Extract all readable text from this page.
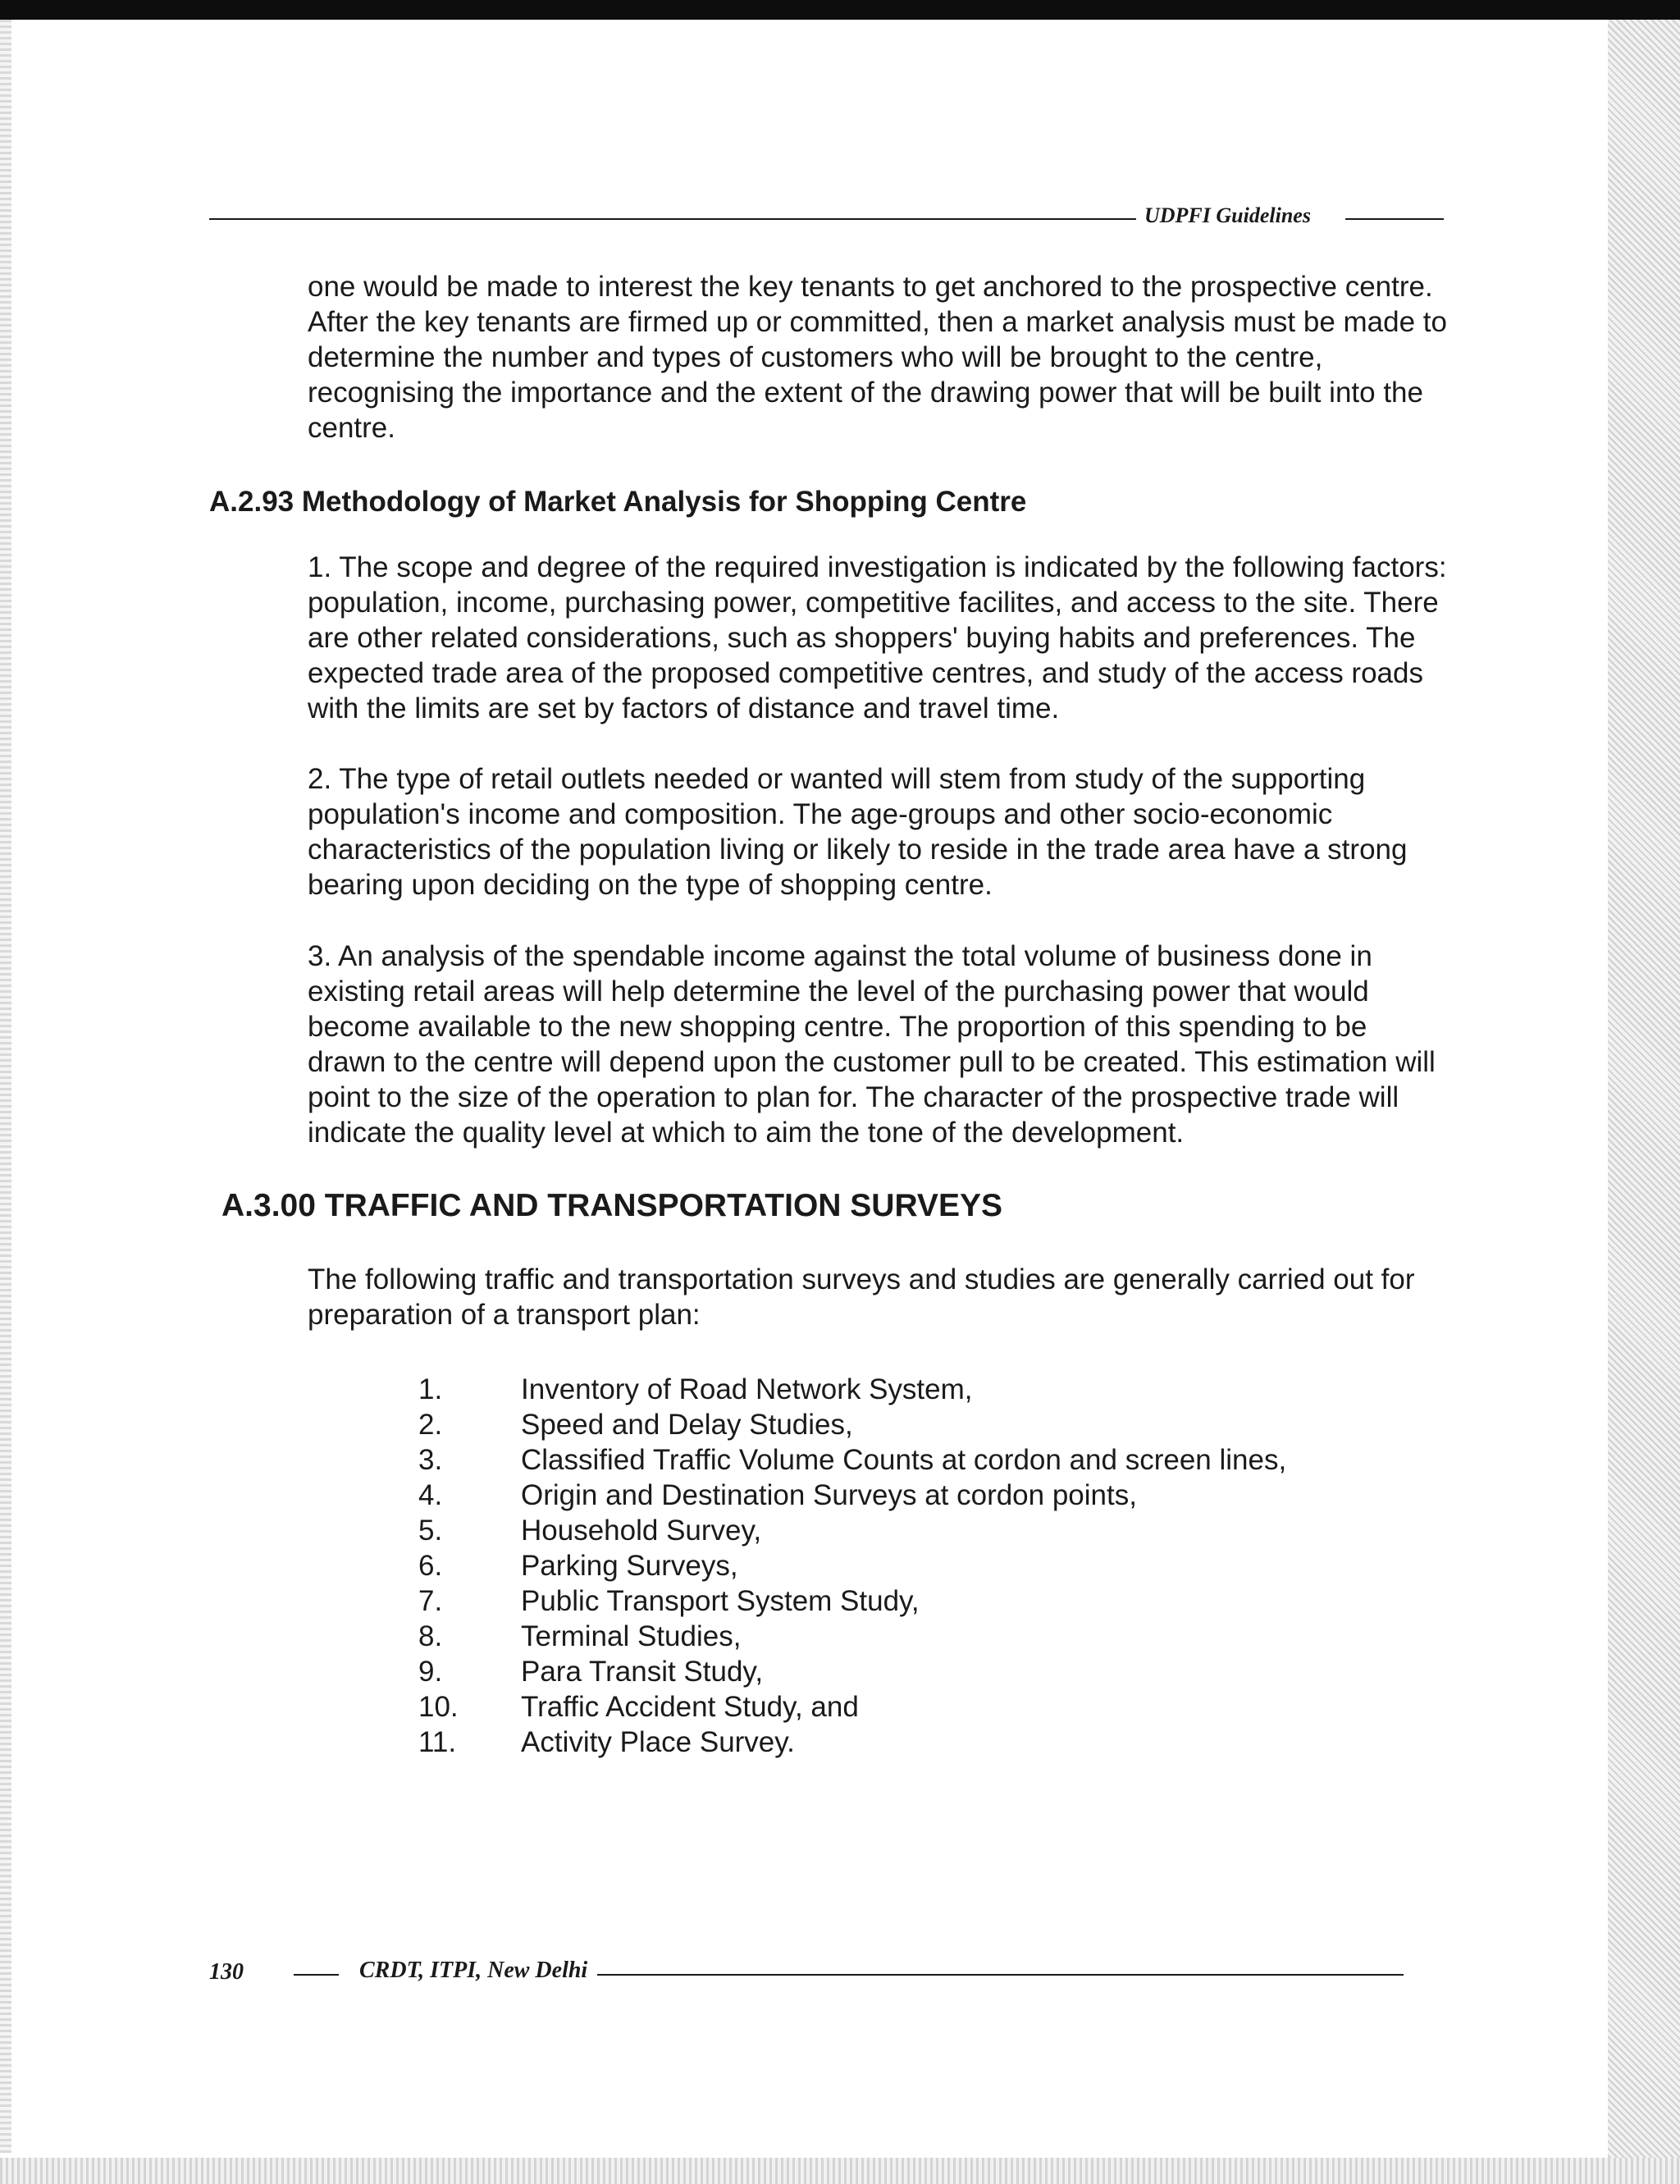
UDPFI Guidelines

one would be made to interest the key tenants to get anchored to the prospective centre. After the key tenants are firmed up or committed, then a market analysis must be made to determine the number and types of customers who will be brought to the centre, recognising the importance and the extent of the drawing power that will be built into the centre.

A.2.93 Methodology of Market Analysis for Shopping Centre

1. The scope and degree of the required investigation is indicated by the following factors: population, income, purchasing power, competitive facilites, and access to the site. There are other related considerations, such as shoppers' buying habits and preferences. The expected trade area of the proposed competitive centres, and study of the access roads with the limits are set by factors of distance and travel time.

2. The type of retail outlets needed or wanted will stem from study of the supporting population's income and composition. The age-groups and other socio-economic characteristics of the population living or likely to reside in the trade area have a strong bearing upon deciding on the type of shopping centre.

3. An analysis of the spendable income against the total volume of business done in existing retail areas will help determine the level of the purchasing power that would become available to the new shopping centre. The proportion of this spending to be drawn to the centre will depend upon the customer pull to be created. This estimation will point to the size of the operation to plan for. The character of the prospective trade will indicate the quality level at which to aim the tone of the development.

A.3.00 TRAFFIC AND TRANSPORTATION SURVEYS

The following traffic and transportation surveys and studies are generally carried out for preparation of a transport plan:

1.	Inventory of Road Network System,
2.	Speed and Delay Studies,
3.	Classified Traffic Volume Counts at cordon and screen lines,
4.	Origin and Destination Surveys at cordon points,
5.	Household Survey,
6.	Parking Surveys,
7.	Public Transport System Study,
8.	Terminal Studies,
9.	Para Transit Study,
10.	Traffic Accident Study, and
11.	Activity Place Survey.
130	CRDT, ITPI, New Delhi
